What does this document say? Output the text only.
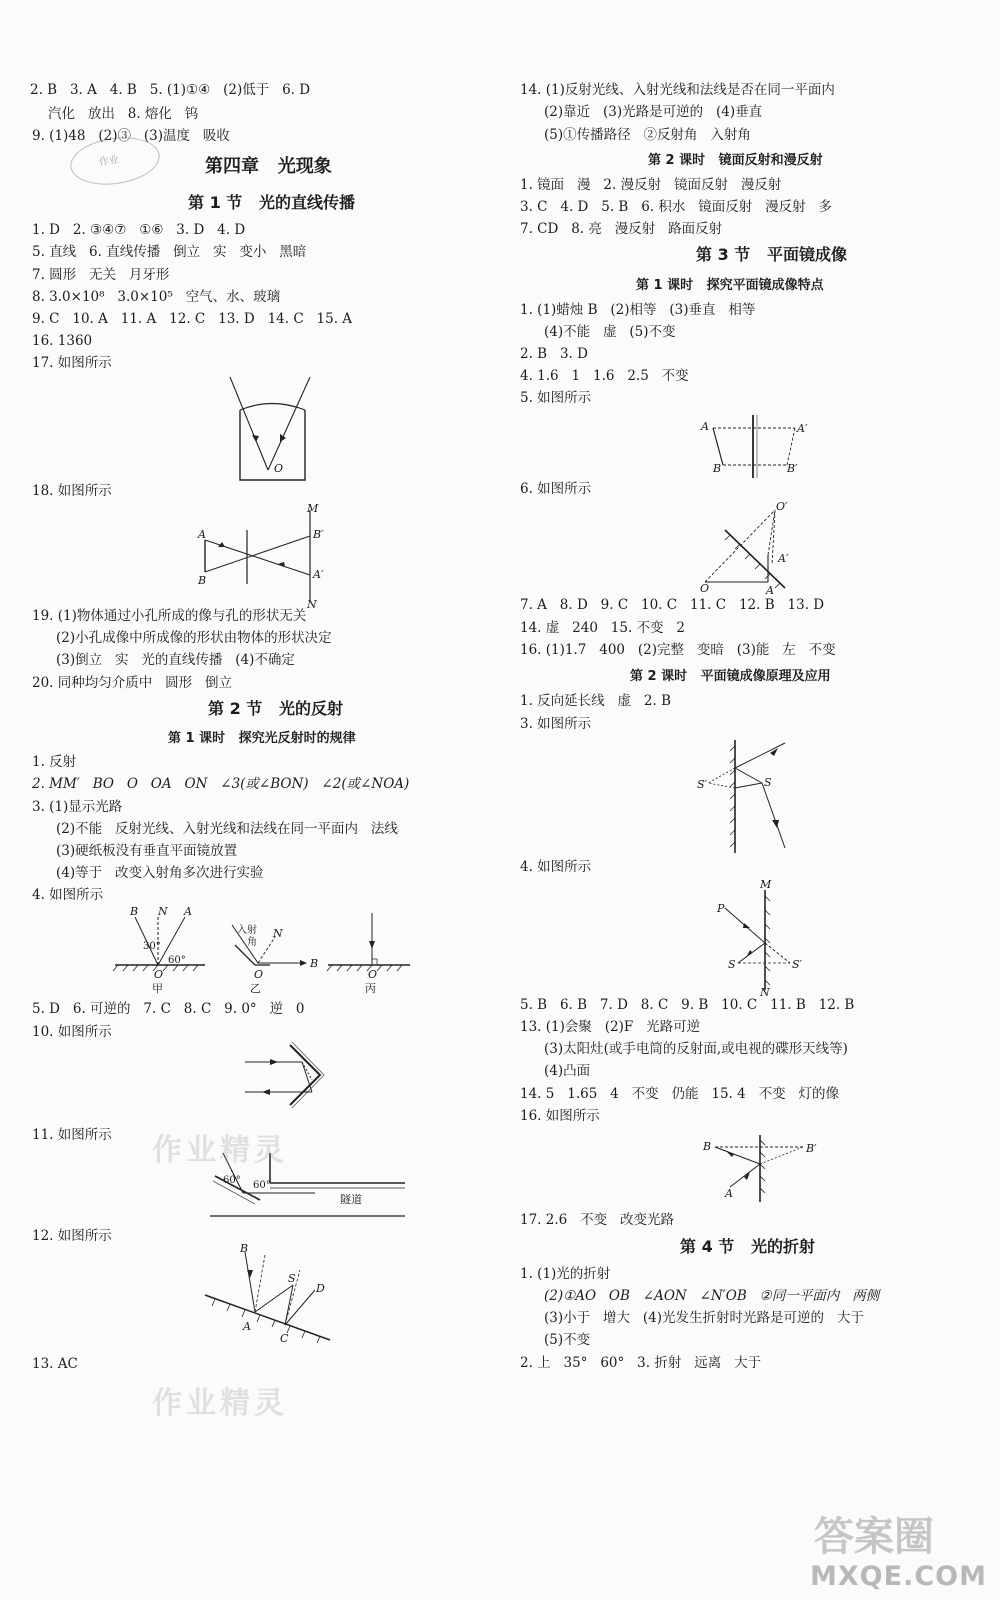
2. B   3. A   4. B   5. (1)①④   (2)低于   6. D
汽化   放出   8. 熔化   钨
9. (1)48   (2)③   (3)温度   吸收
第四章   光现象
第 1 节   光的直线传播
1. D   2. ③④⑦   ①⑥   3. D   4. D
5. 直线   6. 直线传播   倒立   实   变小   黑暗
7. 圆形   无关   月牙形
8. 3.0×10⁸   3.0×10⁵   空气、水、玻璃
9. C   10. A   11. A   12. C   13. D   14. C   15. A
16. 1360
17. 如图所示
18. 如图所示
19. (1)物体通过小孔所成的像与孔的形状无关
(2)小孔成像中所成像的形状由物体的形状决定
(3)倒立   实   光的直线传播   (4)不确定
20. 同种均匀介质中   圆形   倒立
第 2 节   光的反射
第 1 课时   探究光反射时的规律
1. 反射
2. MM′   BO   O   OA   ON   ∠3(或∠BON)   ∠2(或∠NOA)
3. (1)显示光路
(2)不能   反射光线、入射光线和法线在同一平面内   法线
(3)硬纸板没有垂直平面镜放置
(4)等于   改变入射角多次进行实验
4. 如图所示
5. D   6. 可逆的   7. C   8. C   9. 0°   逆   0
10. 如图所示
11. 如图所示
12. 如图所示
13. AC
作业
O
A
B
M
B′
A′
N
B N A
30°
60°
O
甲
入射
角
N
O
B
乙
O
丙
60° 60°
隧道
B
S
D
A
C
作业精灵
作业精灵
14. (1)反射光线、入射光线和法线是否在同一平面内
(2)靠近   (3)光路是可逆的   (4)垂直
(5)①传播路径   ②反射角   入射角
第 2 课时   镜面反射和漫反射
1. 镜面   漫   2. 漫反射   镜面反射   漫反射
3. C   4. D   5. B   6. 积水   镜面反射   漫反射   多
7. CD   8. 亮   漫反射   路面反射
第 3 节   平面镜成像
第 1 课时   探究平面镜成像特点
1. (1)蜡烛 B   (2)相等   (3)垂直   相等
(4)不能   虚   (5)不变
2. B   3. D
4. 1.6   1   1.6   2.5   不变
5. 如图所示
6. 如图所示
7. A   8. D   9. C   10. C   11. C   12. B   13. D
14. 虚   240   15. 不变   2
16. (1)1.7   400   (2)完整   变暗   (3)能   左   不变
第 2 课时   平面镜成像原理及应用
1. 反向延长线   虚   2. B
3. 如图所示
4. 如图所示
5. B   6. B   7. D   8. C   9. B   10. C   11. B   12. B
13. (1)会聚   (2)F   光路可逆
(3)太阳灶(或手电筒的反射面,或电视的碟形天线等)
(4)凸面
14. 5   1.65   4   不变   仍能   15. 4   不变   灯的像
16. 如图所示
17. 2.6   不变   改变光路
第 4 节   光的折射
1. (1)光的折射
(2)①AO   OB   ∠AON   ∠N′OB   ②同一平面内   两侧
(3)小于   增大   (4)光发生折射时光路是可逆的   大于
(5)不变
2. 上   35°   60°   3. 折射   远离   大于
A	A′
B	B′
O′
A′
O	A
S′	S
M
P
S	S′
N
B	B′
A
答案圈
MXQE.COM
